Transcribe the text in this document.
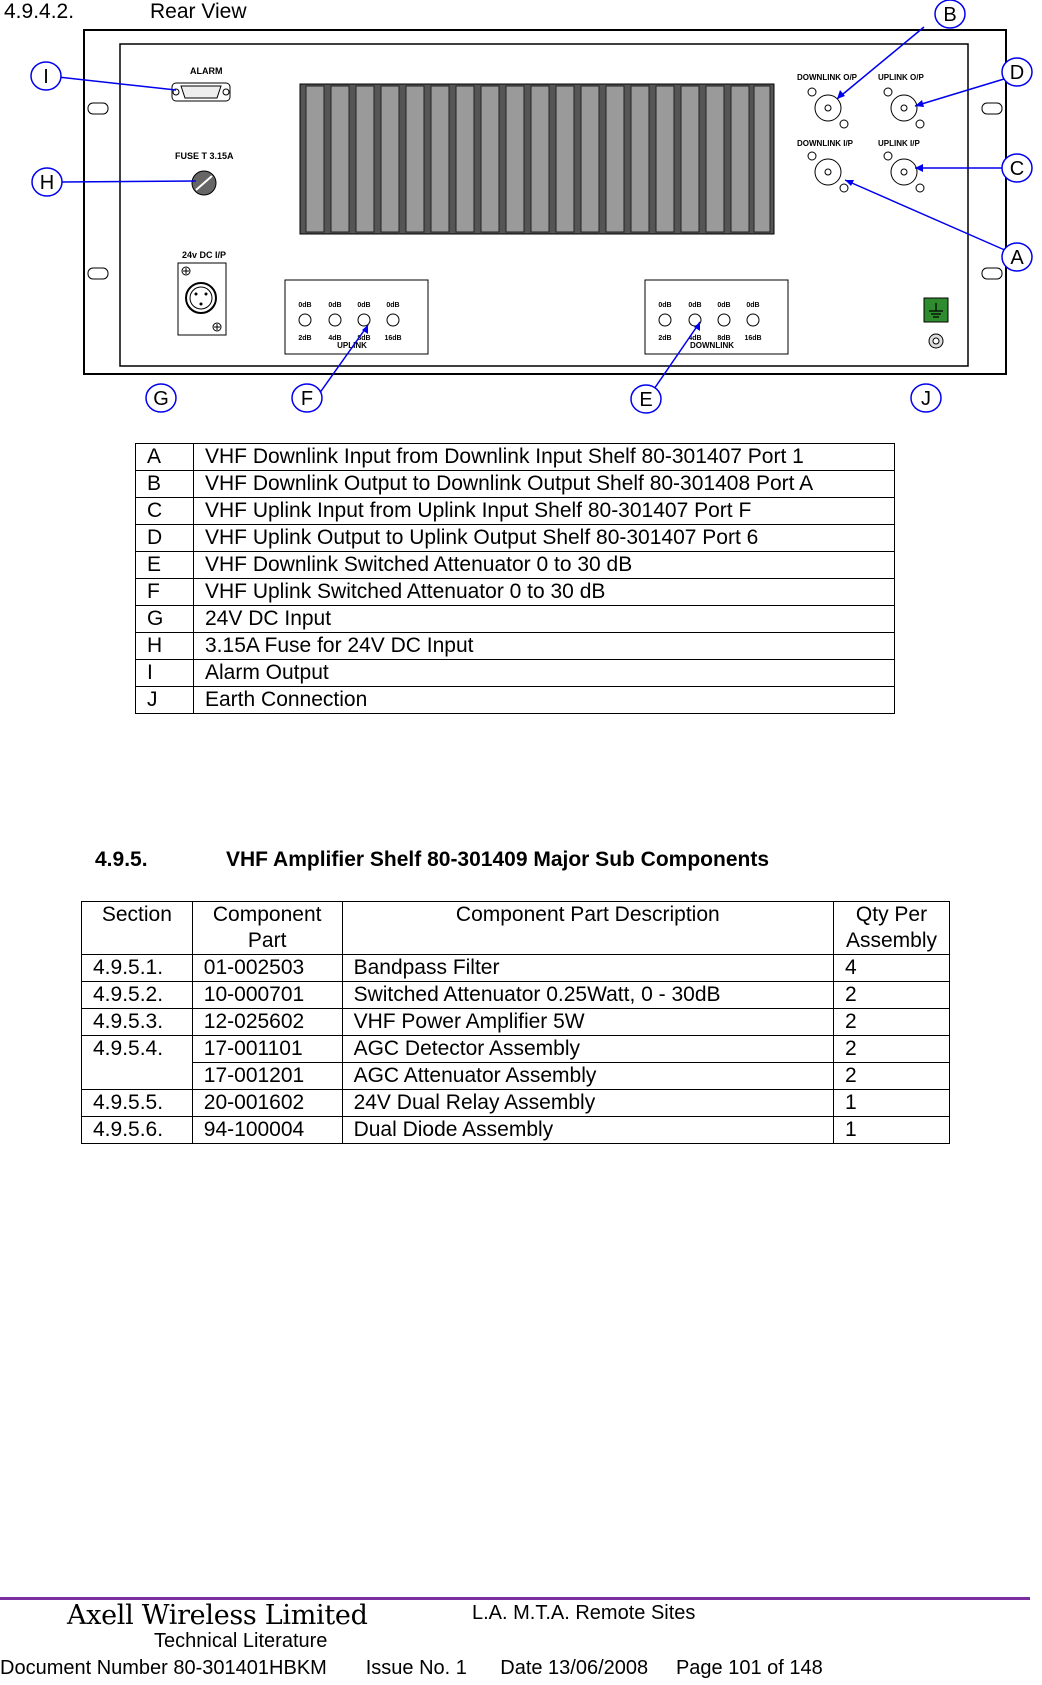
4.9.4.2.	Rear View
ALARM
FUSE T 3.15A
24v DC I/P
0dB 0dB 0dB 0dB
2dB 4dB 8dB 16dB
UPLINK
0dB 0dB 0dB 0dB
2dB 4dB 8dB 16dB
DOWNLINK
DOWNLINK O/P	UPLINK O/P
DOWNLINK I/P	UPLINK I/P
A
B
C
D
E
F
G
H
I
J
A	VHF Downlink Input from Downlink Input Shelf 80-301407 Port 1
B	VHF Downlink Output to Downlink Output Shelf 80-301408 Port A
C	VHF Uplink Input from Uplink Input Shelf 80-301407 Port F
D	VHF Uplink Output to Uplink Output Shelf 80-301407 Port 6
E	VHF Downlink Switched Attenuator 0 to 30 dB
F	VHF Uplink Switched Attenuator 0 to 30 dB
G	24V DC Input
H	3.15A Fuse for 24V DC Input
I	Alarm Output
J	Earth Connection
4.9.5.	VHF Amplifier Shelf 80-301409 Major Sub Components
Section	Component Part	Component Part Description	Qty Per Assembly
4.9.5.1.	01-002503	Bandpass Filter	4
4.9.5.2.	10-000701	Switched Attenuator 0.25Watt, 0 - 30dB	2
4.9.5.3.	12-025602	VHF Power Amplifier 5W	2
4.9.5.4.	17-001101	AGC Detector Assembly	2
	17-001201	AGC Attenuator Assembly	2
4.9.5.5.	20-001602	24V Dual Relay Assembly	1
4.9.5.6.	94-100004	Dual Diode Assembly	1
Axell Wireless Limited
Technical Literature
L.A. M.T.A. Remote Sites
Document Number 80-301401HBKM Issue No. 1 Date 13/06/2008 Page 101 of 148
